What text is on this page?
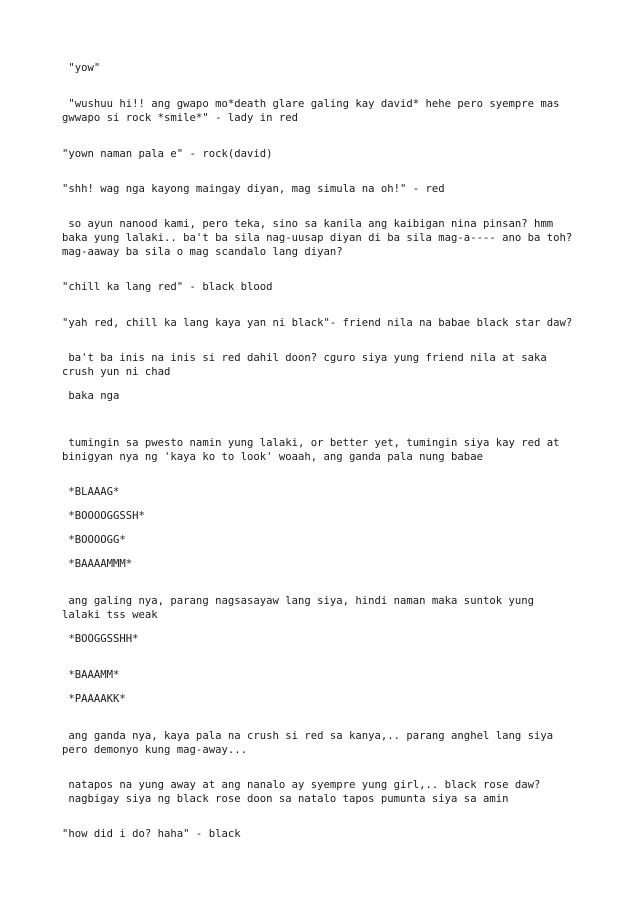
"yow"

"wushuu hi!! ang gwapo mo*death glare galing kay david* hehe pero syempre mas

gwwapo si rock *smile*" - lady in red

"yown naman pala e" - rock(david)

"shh! wag nga kayong maingay diyan, mag simula na oh!" - red

so ayun nanood kami, pero teka, sino sa kanila ang kaibigan nina pinsan? hmm

baka yung lalaki.. ba't ba sila nag-uusap diyan di ba sila mag-a---- ano ba toh?

mag-aaway ba sila o mag scandalo lang diyan?

"chill ka lang red" - black blood

"yah red, chill ka lang kaya yan ni black"- friend nila na babae black star daw?

ba't ba inis na inis si red dahil doon? cguro siya yung friend nila at saka

crush yun ni chad

baka nga

tumingin sa pwesto namin yung lalaki, or better yet, tumingin siya kay red at

binigyan nya ng 'kaya ko to look' woaah, ang ganda pala nung babae

*BLAAAG*

*BOOOOGGSSH*

*BOOOOGG*

*BAAAAMMM*

ang galing nya, parang nagsasayaw lang siya, hindi naman maka suntok yung

lalaki tss weak

*BOOGGSSHH*

*BAAAMM*

*PAAAAKK*

ang ganda nya, kaya pala na crush si red sa kanya,.. parang anghel lang siya

pero demonyo kung mag-away...

natapos na yung away at ang nanalo ay syempre yung girl,.. black rose daw?

nagbigay siya ng black rose doon sa natalo tapos pumunta siya sa amin

"how did i do? haha" - black
